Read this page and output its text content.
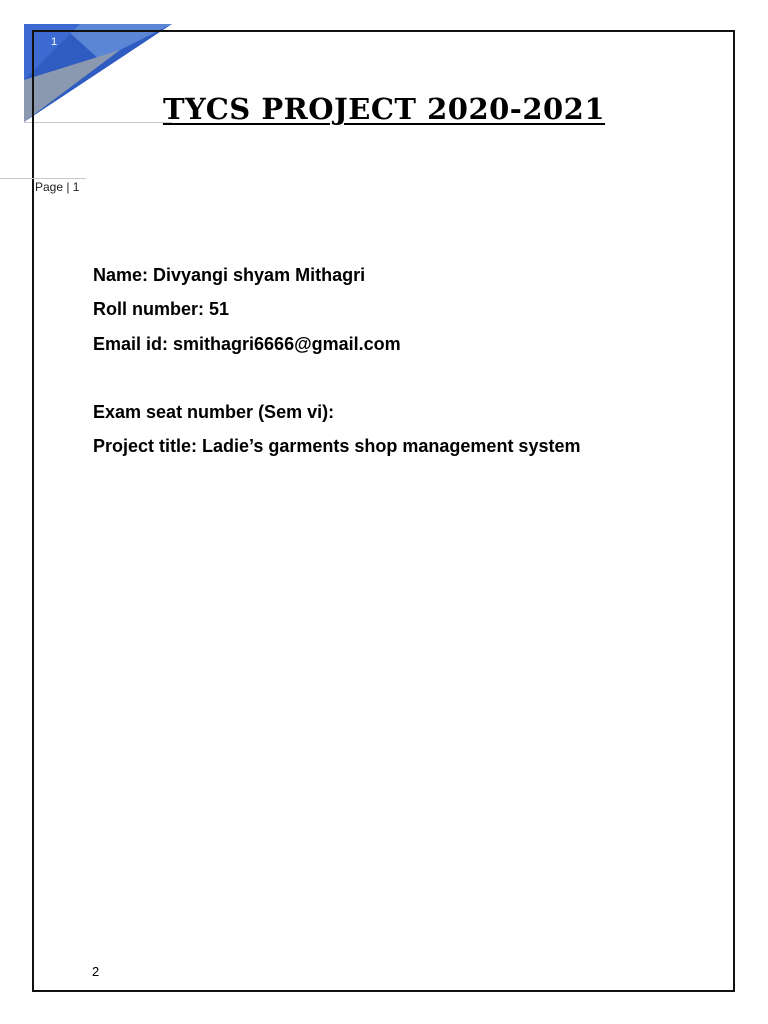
1
Page | 1
TYCS PROJECT 2020-2021
Name: Divyangi shyam Mithagri
Roll number: 51
Email id: smithagri6666@gmail.com
Exam seat number (Sem vi):
Project title: Ladie’s garments shop management system
2
